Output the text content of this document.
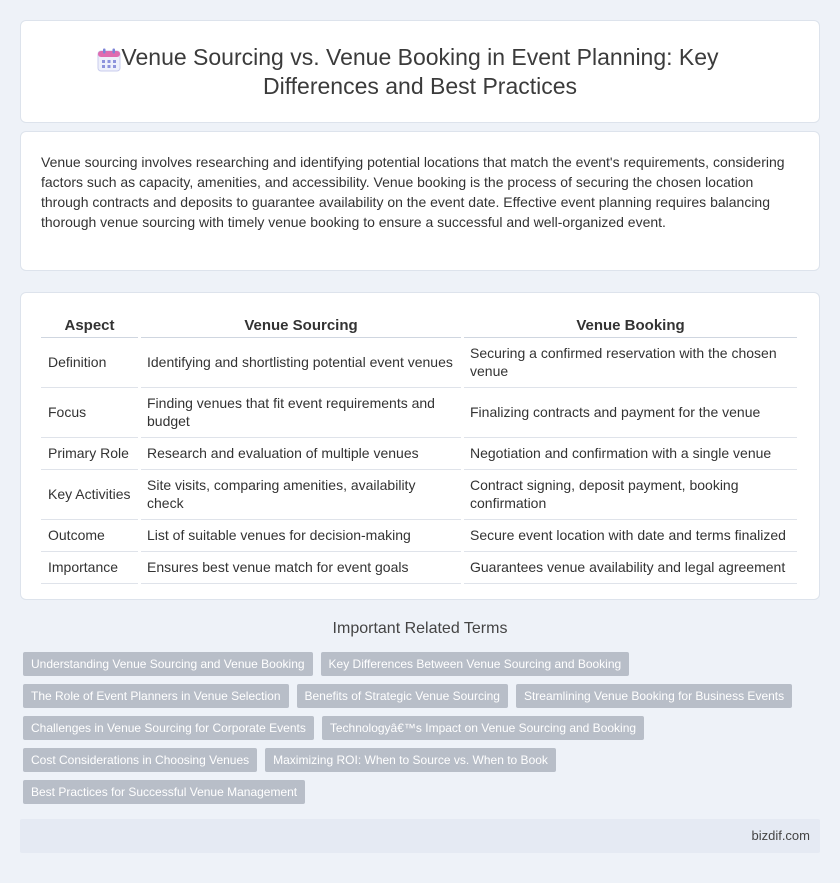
Venue Sourcing vs. Venue Booking in Event Planning: Key Differences and Best Practices
Venue sourcing involves researching and identifying potential locations that match the event's requirements, considering factors such as capacity, amenities, and accessibility. Venue booking is the process of securing the chosen location through contracts and deposits to guarantee availability on the event date. Effective event planning requires balancing thorough venue sourcing with timely venue booking to ensure a successful and well-organized event.
Aspect	Venue Sourcing	Venue Booking
Definition	Identifying and shortlisting potential event venues	Securing a confirmed reservation with the chosen venue
Focus	Finding venues that fit event requirements and budget	Finalizing contracts and payment for the venue
Primary Role	Research and evaluation of multiple venues	Negotiation and confirmation with a single venue
Key Activities	Site visits, comparing amenities, availability check	Contract signing, deposit payment, booking confirmation
Outcome	List of suitable venues for decision-making	Secure event location with date and terms finalized
Importance	Ensures best venue match for event goals	Guarantees venue availability and legal agreement
Important Related Terms
Understanding Venue Sourcing and Venue Booking	Key Differences Between Venue Sourcing and Booking
The Role of Event Planners in Venue Selection	Benefits of Strategic Venue Sourcing	Streamlining Venue Booking for Business Events
Challenges in Venue Sourcing for Corporate Events	Technologyâ€™s Impact on Venue Sourcing and Booking
Cost Considerations in Choosing Venues	Maximizing ROI: When to Source vs. When to Book
Best Practices for Successful Venue Management
bizdif.com
